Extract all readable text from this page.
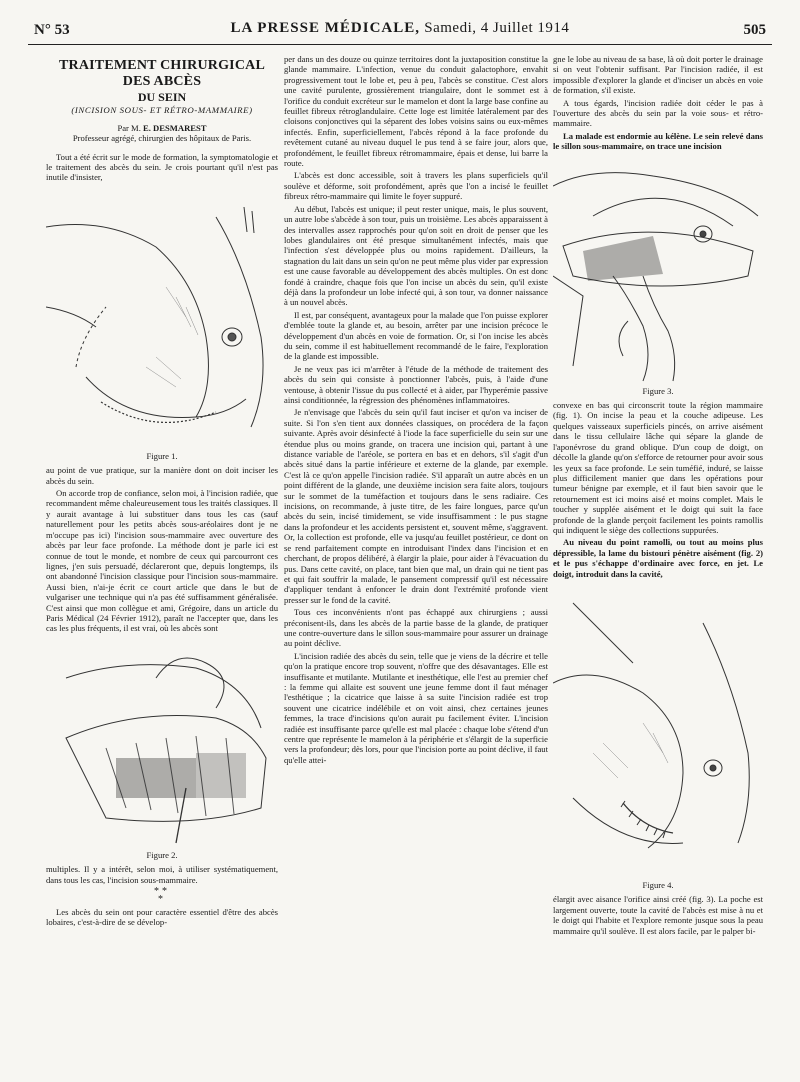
N° 53	LA PRESSE MÉDICALE, Samedi, 4 Juillet 1914	505
TRAITEMENT CHIRURGICAL DES ABCÈS
DU SEIN
(INCISION SOUS- ET RÉTRO-MAMMAIRE)
Par M. E. DESMAREST
Professeur agrégé, chirurgien des hôpitaux de Paris.

Tout a été écrit sur le mode de formation, la symptomatologie et le traitement des abcès du sein. Je crois pourtant qu'il n'est pas inutile d'insister,

Figure 1.

au point de vue pratique, sur la manière dont on doit inciser les abcès du sein.

On accorde trop de confiance, selon moi, à l'incision radiée, que recommandent même chaleureusement tous les traités classiques. Il y aurait avantage à lui substituer dans tous les cas (sauf naturellement pour les petits abcès sous-aréolaires dont je ne m'occupe pas ici) l'incision sous-mammaire avec ouverture des abcès par leur face profonde. La méthode dont je parle ici est connue de tout le monde, et nombre de ceux qui parcourront ces lignes, j'en suis persuadé, déclareront que, depuis longtemps, ils ont abandonné l'incision classique pour l'incision sous-mammaire. Aussi bien, n'ai-je écrit ce court article que dans le but de vulgariser une technique qui n'a pas été suffisamment généralisée. C'est ainsi que mon collègue et ami, Grégoire, dans un article du Paris Médical (24 Février 1912), paraît ne l'accepter que, dans les cas les plus fréquents, il est vrai, où les abcès sont

Figure 2.

multiples. Il y a intérêt, selon moi, à utiliser systématiquement, dans tous les cas, l'incision sous-mammaire.

**
*

Les abcès du sein ont pour caractère essentiel d'être des abcès lobaires, c'est-à-dire de se dévelop-

per dans un des douze ou quinze territoires dont la juxtaposition constitue la glande mammaire. L'infection, venue du conduit galactophore, envahit progressivement tout le lobe et, peu à peu, l'abcès se constitue. C'est alors une cavité purulente, grossièrement triangulaire, dont le sommet est à l'orifice du conduit excréteur sur le mamelon et dont la large base confine au feuillet fibreux rétroglandulaire. Cette loge est limitée latéralement par des cloisons conjonctives qui la séparent des lobes voisins sains ou eux-mêmes infectés. Enfin, superficiellement, l'abcès répond à la face profonde du revêtement cutané au niveau duquel le pus tend à se faire jour, alors que, profondément, le feuillet fibreux rétromammaire, épais et dense, lui barre la route.

L'abcès est donc accessible, soit à travers les plans superficiels qu'il soulève et déforme, soit profondément, après que l'on a incisé le feuillet fibreux rétro-mammaire qui limite le foyer suppuré.

Au début, l'abcès est unique; il peut rester unique, mais, le plus souvent, un autre lobe s'abcède à son tour, puis un troisième. Les abcès apparaissent à des intervalles assez rapprochés pour qu'on soit en droit de penser que les lobes glandulaires ont été presque simultanément infectés, mais que l'infection s'est développée plus ou moins rapidement. D'ailleurs, la stagnation du lait dans un sein qu'on ne peut même plus vider par expression est une cause favorable au développement des abcès multiples. On est donc fondé à craindre, chaque fois que l'on incise un abcès du sein, qu'il existe déjà dans la profondeur un lobe infecté qui, à son tour, va donner naissance à un nouvel abcès.

Il est, par conséquent, avantageux pour la malade que l'on puisse explorer d'emblée toute la glande et, au besoin, arrêter par une incision précoce le développement d'un abcès en voie de formation. Or, si l'on incise les abcès du sein, comme il est habituellement recommandé de le faire, l'exploration de la glande est impossible.

Je ne veux pas ici m'arrêter à l'étude de la méthode de traitement des abcès du sein qui consiste à ponctionner l'abcès, puis, à l'aide d'une ventouse, à obtenir l'issue du pus collecté et à aider, par l'hyperémie passive ainsi conditionnée, la régression des phénomènes inflammatoires.

Je n'envisage que l'abcès du sein qu'il faut inciser et qu'on va inciser de suite. Si l'on s'en tient aux données classiques, on procédera de la façon suivante. Après avoir désinfecté à l'iode la face superficielle du sein sur une étendue plus ou moins grande, on tracera une incision qui, partant à une distance variable de l'aréole, se portera en bas et en dehors, s'il s'agit d'un abcès situé dans la partie inférieure et externe de la glande, par exemple. C'est là ce qu'on appelle l'incision radiée. S'il apparaît un autre abcès en un point différent de la glande, une deuxième incision sera faite alors, toujours sur le sommet de la tuméfaction et toujours dans le sens radiaire. Ces incisions, on recommande, à juste titre, de les faire longues, parce qu'un abcès du sein, incisé timidement, se vide insuffisamment : le pus stagne dans la profondeur et les accidents persistent et, souvent même, s'aggravent. Or, la collection est profonde, elle va jusqu'au feuillet postérieur, ce dont on se rend parfaitement compte en introduisant l'index dans l'incision et en cherchant, de propos délibéré, à élargir la plaie, pour aider à l'évacuation du pus. Dans cette cavité, on place, tant bien que mal, un drain qui ne tient pas et qui fait souffrir la malade, le pansement compressif qu'il est nécessaire d'appliquer tendant à enfoncer le drain dont l'extrémité profonde vient presser sur le fond de la cavité.

Tous ces inconvénients n'ont pas échappé aux chirurgiens ; aussi préconisent-ils, dans les abcès de la partie basse de la glande, de pratiquer une contre-ouverture dans le sillon sous-mammaire pour assurer un drainage au point déclive.

L'incision radiée des abcès du sein, telle que je viens de la décrire et telle qu'on la pratique encore trop souvent, n'offre que des désavantages. Elle est insuffisante et mutilante. Mutilante et inesthétique, elle l'est au premier chef : la femme qui allaite est souvent une jeune femme dont il faut ménager l'esthétique ; la cicatrice que laisse à sa suite l'incision radiée est trop souvent une cicatrice indélébile et on voit ainsi, chez certaines jeunes femmes, la trace d'incisions qu'on aurait pu facilement éviter. L'incision radiée est insuffisante parce qu'elle est mal placée : chaque lobe s'étend d'un centre que représente le mamelon à la périphérie et s'élargit de la superficie vers la profondeur; dès lors, pour que l'incision porte au point déclive, il faut qu'elle attei-

gne le lobe au niveau de sa base, là où doit porter le drainage si on veut l'obtenir suffisant. Par l'incision radiée, il est impossible d'explorer la glande et d'inciser un abcès en voie de formation, s'il existe.

A tous égards, l'incision radiée doit céder le pas à l'ouverture des abcès du sein par la voie sous- et rétro-mammaire.

La malade est endormie au kélène. Le sein relevé dans le sillon sous-mammaire, on trace une incision

Figure 3.

convexe en bas qui circonscrit toute la région mammaire (fig. 1). On incise la peau et la couche adipeuse. Les quelques vaisseaux superficiels pincés, on arrive aisément dans le tissu cellulaire lâche qui sépare la glande de l'aponévrose du grand oblique. D'un coup de doigt, on décolle la glande qu'on s'efforce de retourner pour avoir sous les yeux sa face profonde. Le sein tuméfié, induré, se laisse plus difficilement manier que dans les opérations pour tumeur bénigne par exemple, et il faut bien savoir que le retournement est ici moins aisé et moins complet. Mais le toucher y supplée aisément et le doigt qui suit la face profonde de la glande perçoit facilement les points ramollis qui indiquent le siège des collections suppurées.

Au niveau du point ramolli, ou tout au moins plus dépressible, la lame du bistouri pénètre aisément (fig. 2) et le pus s'échappe d'ordinaire avec force, en jet. Le doigt, introduit dans la cavité,

Figure 4.

élargit avec aisance l'orifice ainsi créé (fig. 3). La poche est largement ouverte, toute la cavité de l'abcès est mise à nu et le doigt qui l'habite et l'explore remonte jusque sous la peau mammaire qu'il soulève. Il est alors facile, par le palper bi-
